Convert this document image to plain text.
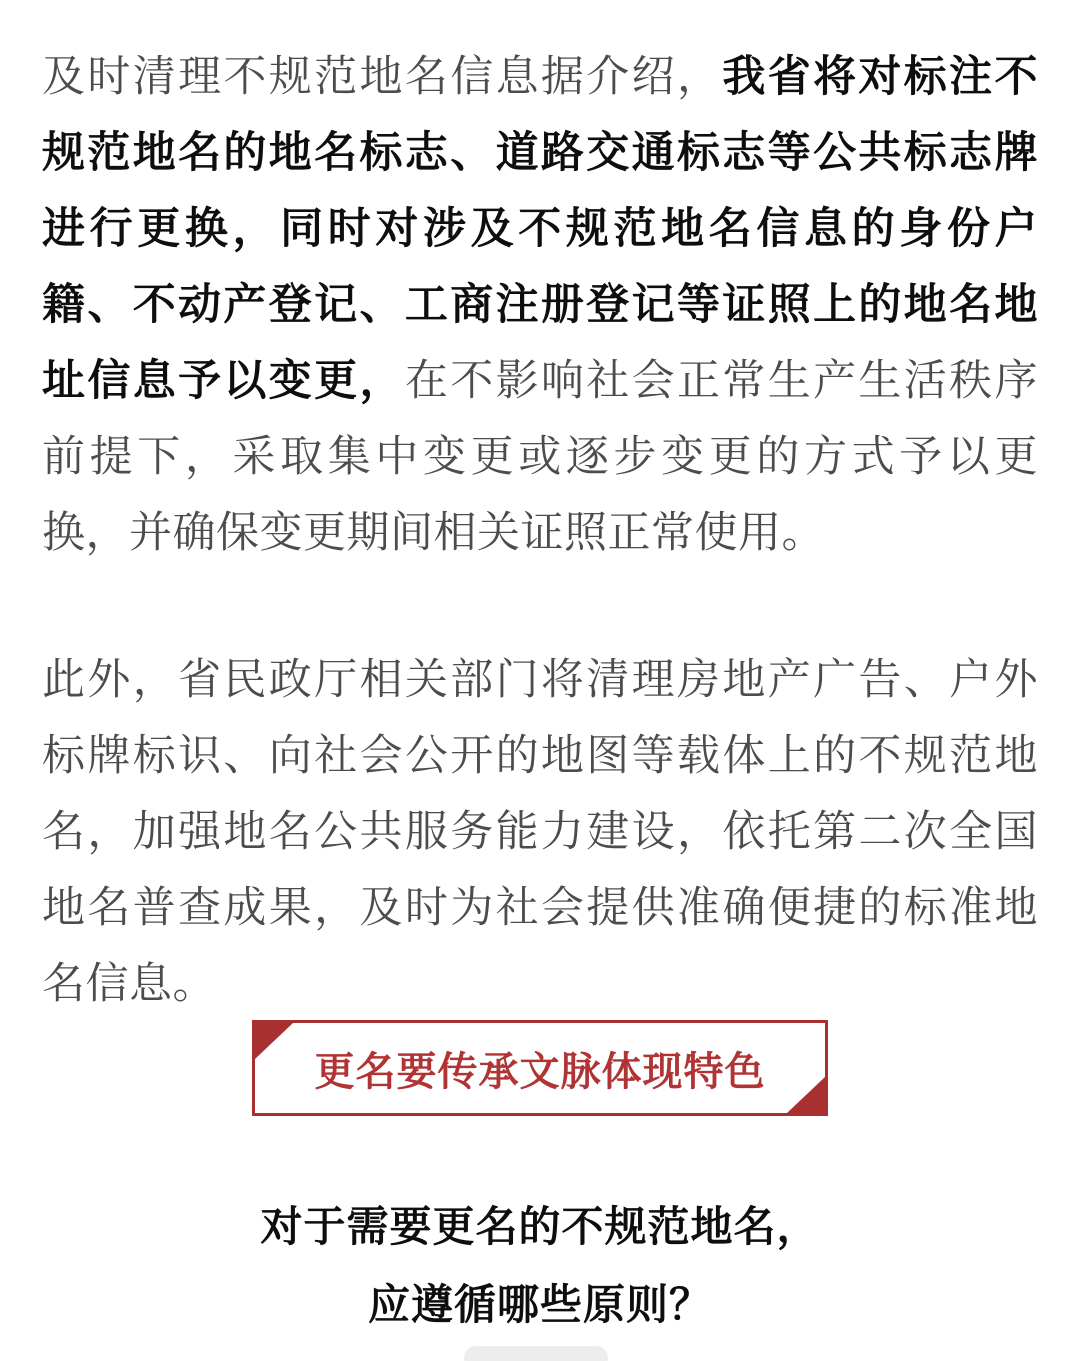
及时清理不规范地名信息据介绍，我省将对标注不规范地名的地名标志、道路交通标志等公共标志牌进行更换，同时对涉及不规范地名信息的身份户籍、不动产登记、工商注册登记等证照上的地名地址信息予以变更，在不影响社会正常生产生活秩序前提下，采取集中变更或逐步变更的方式予以更换，并确保变更期间相关证照正常使用。

此外，省民政厅相关部门将清理房地产广告、户外标牌标识、向社会公开的地图等载体上的不规范地名，加强地名公共服务能力建设，依托第二次全国地名普查成果，及时为社会提供准确便捷的标准地名信息。

更名要传承文脉体现特色
对于需要更名的不规范地名，
应遵循哪些原则？
